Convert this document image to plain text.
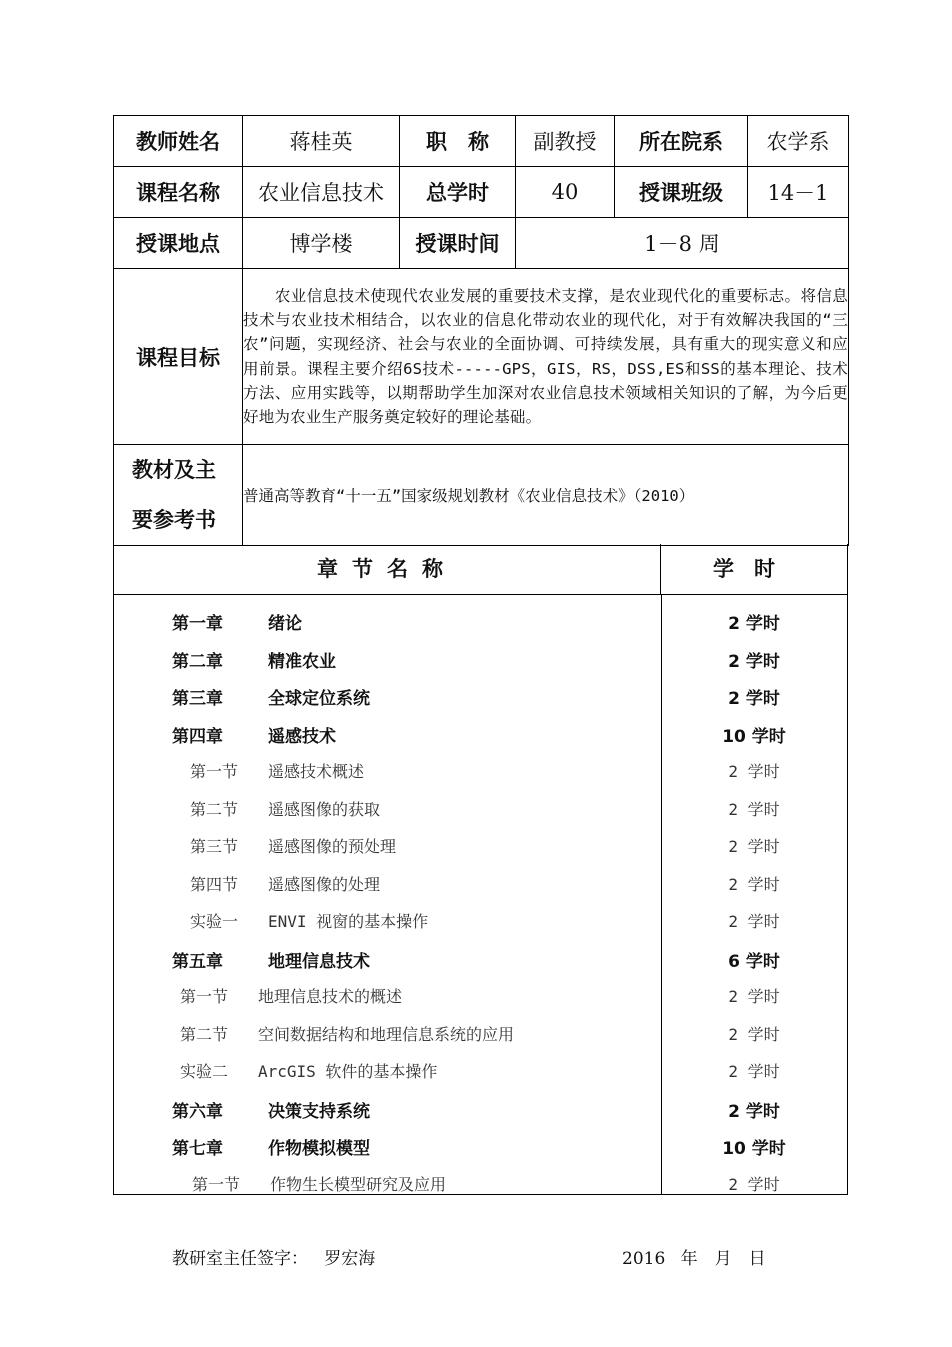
教师姓名	蒋桂英	职　称	副教授	所在院系	农学系
课程名称	农业信息技术	总学时	40	授课班级	14－1
授课地点	博学楼	授课时间	1－8 周		
课程目标	　　农业信息技术使现代农业发展的重要技术支撑，是农业现代化的重要标志。将信息技术与农业技术相结合，以农业的信息化带动农业的现代化，对于有效解决我国的“三农”问题，实现经济、社会与农业的全面协调、可持续发展，具有重大的现实意义和应用前景。课程主要介绍6S技术-----GPS，GIS，RS，DSS,ES和SS的基本理论、技术方法、应用实践等，以期帮助学生加深对农业信息技术领域相关知识的了解，为今后更好地为农业生产服务奠定较好的理论基础。				

教材及主
要参考书	普通高等教育“十一五”国家级规划教材《农业信息技术》（2010）				
章节名称	学时
第一章	绪论	2 学时
第二章	精准农业	2 学时
第三章	全球定位系统	2 学时
第四章	遥感技术	10 学时
第一节 遥感技术概述	2 学时
第二节 遥感图像的获取	2 学时
第三节 遥感图像的预处理	2 学时
第四节 遥感图像的处理	2 学时
实验一 ENVI 视窗的基本操作	2 学时
第五章	地理信息技术	6 学时
第一节 地理信息技术的概述	2 学时
第二节 空间数据结构和地理信息系统的应用	2 学时
实验二 ArcGIS 软件的基本操作	2 学时
第六章	决策支持系统	2 学时
第七章	作物模拟模型	10 学时
第一节 作物生长模型研究及应用	2 学时
教研室主任签字： 罗宏海	2016 年　月　日
